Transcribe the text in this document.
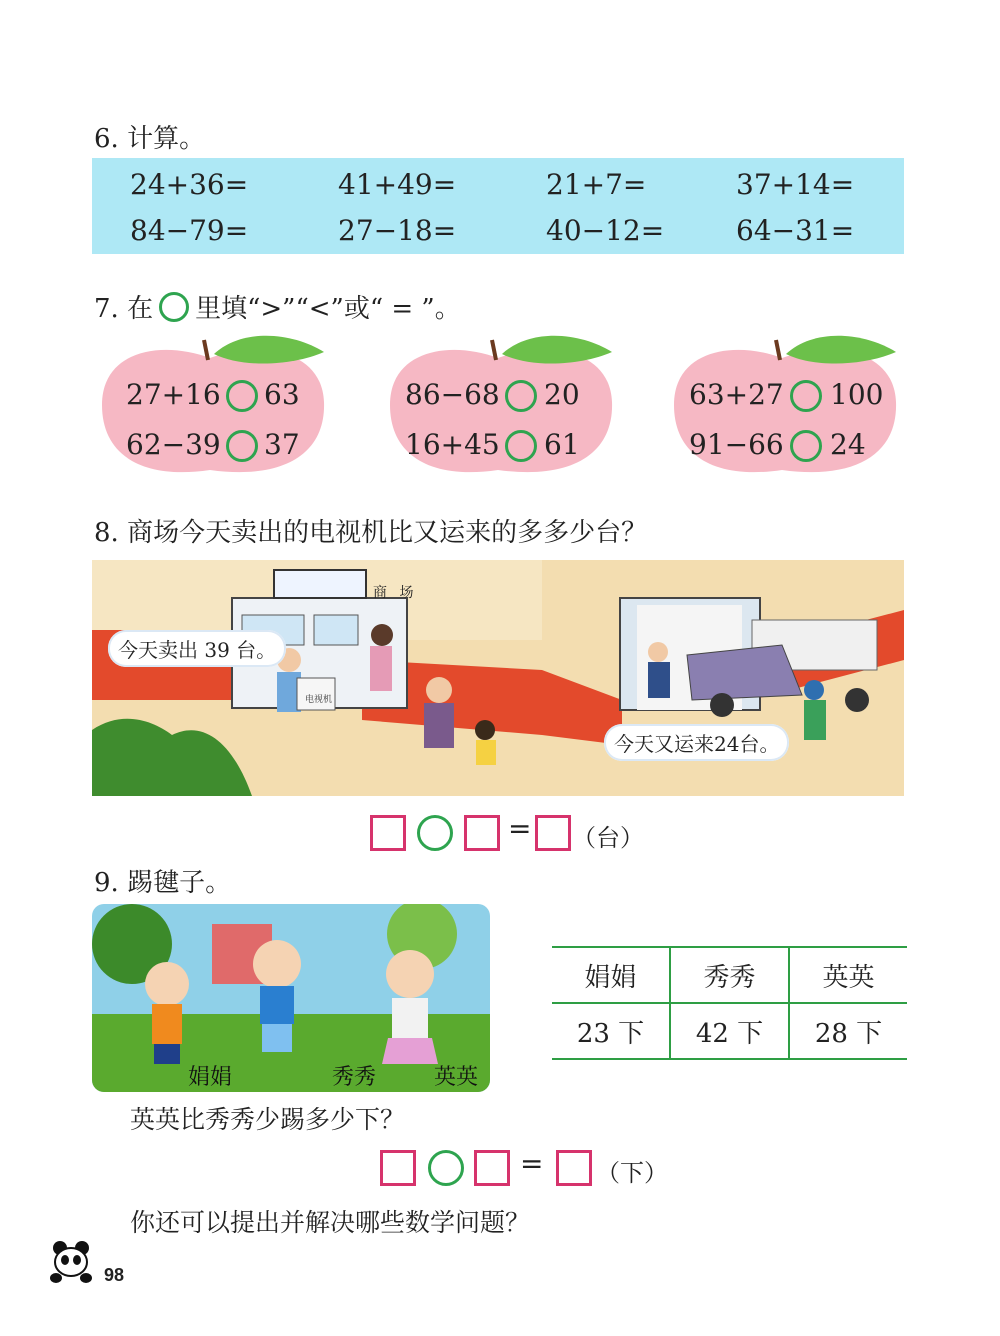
6. 计算。
24+36=	41+49=	21+7=	37+14=
84−79=	27−18=	40−12=	64−31=
7. 在 里填“>”“<”或“ = ”。
27+16 63
62−39 37
86−68 20
16+45 61
63+27 100
91−66 24
8. 商场今天卖出的电视机比又运来的多多少台？
商 场
电视机
今天卖出 39 台。
今天又运来24台。
= （台）
9. 踢毽子。
娟娟	秀秀	英英
娟娟	秀秀	英英
23 下	42 下	28 下
英英比秀秀少踢多少下？
= （下）
你还可以提出并解决哪些数学问题？
98
